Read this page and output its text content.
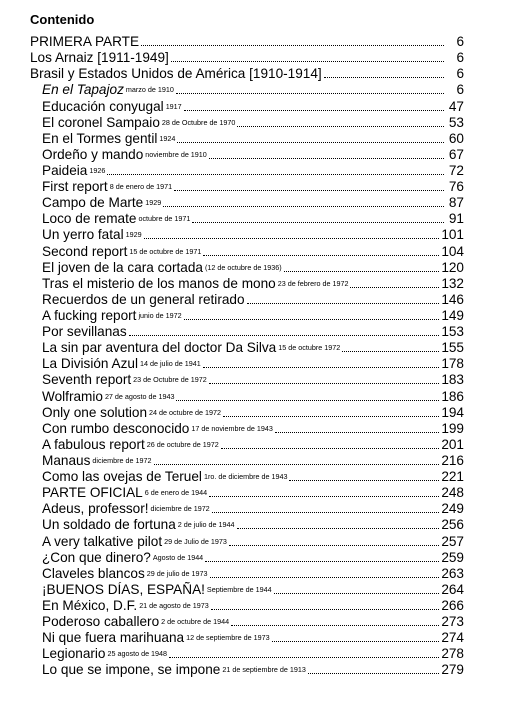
Contenido
PRIMERA PARTE	6
Los Arnaiz [1911-1949]	6
Brasil y Estados Unidos de América [1910-1914]	6
En el Tapajoz marzo de 1910	6
Educación conyugal 1917	47
El coronel Sampaio 28 de Octubre de 1970	53
En el Tormes gentil 1924	60
Ordeño y mando noviembre de 1910	67
Paideia 1926	72
First report 8 de enero de 1971	76
Campo de Marte 1929	87
Loco de remate octubre de 1971	91
Un yerro fatal 1929	101
Second report 15 de octubre de 1971	104
El joven de la cara cortada (12 de octubre de 1936)	120
Tras el misterio de los manos de mono 23 de febrero de 1972	132
Recuerdos de un general retirado	146
A fucking report junio de 1972	149
Por sevillanas	153
La sin par aventura del doctor Da Silva 15 de octubre 1972	155
La División Azul 14 de julio de 1941	178
Seventh report 23 de Octubre de 1972	183
Wolframio 27 de agosto de 1943	186
Only one solution 24 de octubre de 1972	194
Con rumbo desconocido 17 de noviembre de 1943	199
A fabulous report 26 de octubre de 1972	201
Manaus diciembre de 1972	216
Como las ovejas de Teruel 1ro. de diciembre de 1943	221
PARTE OFICIAL 6 de enero de 1944	248
Adeus, professor! diciembre de 1972	249
Un soldado de fortuna 2 de julio de 1944	256
A very talkative pilot 29 de Julio de 1973	257
¿Con que dinero? Agosto de 1944	259
Claveles blancos 29 de julio de 1973	263
¡BUENOS DÍAS, ESPAÑA! Septiembre de 1944	264
En México, D.F. 21 de agosto de 1973	266
Poderoso caballero 2 de octubre de 1944	273
Ni que fuera marihuana 12 de septiembre de 1973	274
Legionario 25 agosto de 1948	278
Lo que se impone, se impone 21 de septiembre de 1913	279
